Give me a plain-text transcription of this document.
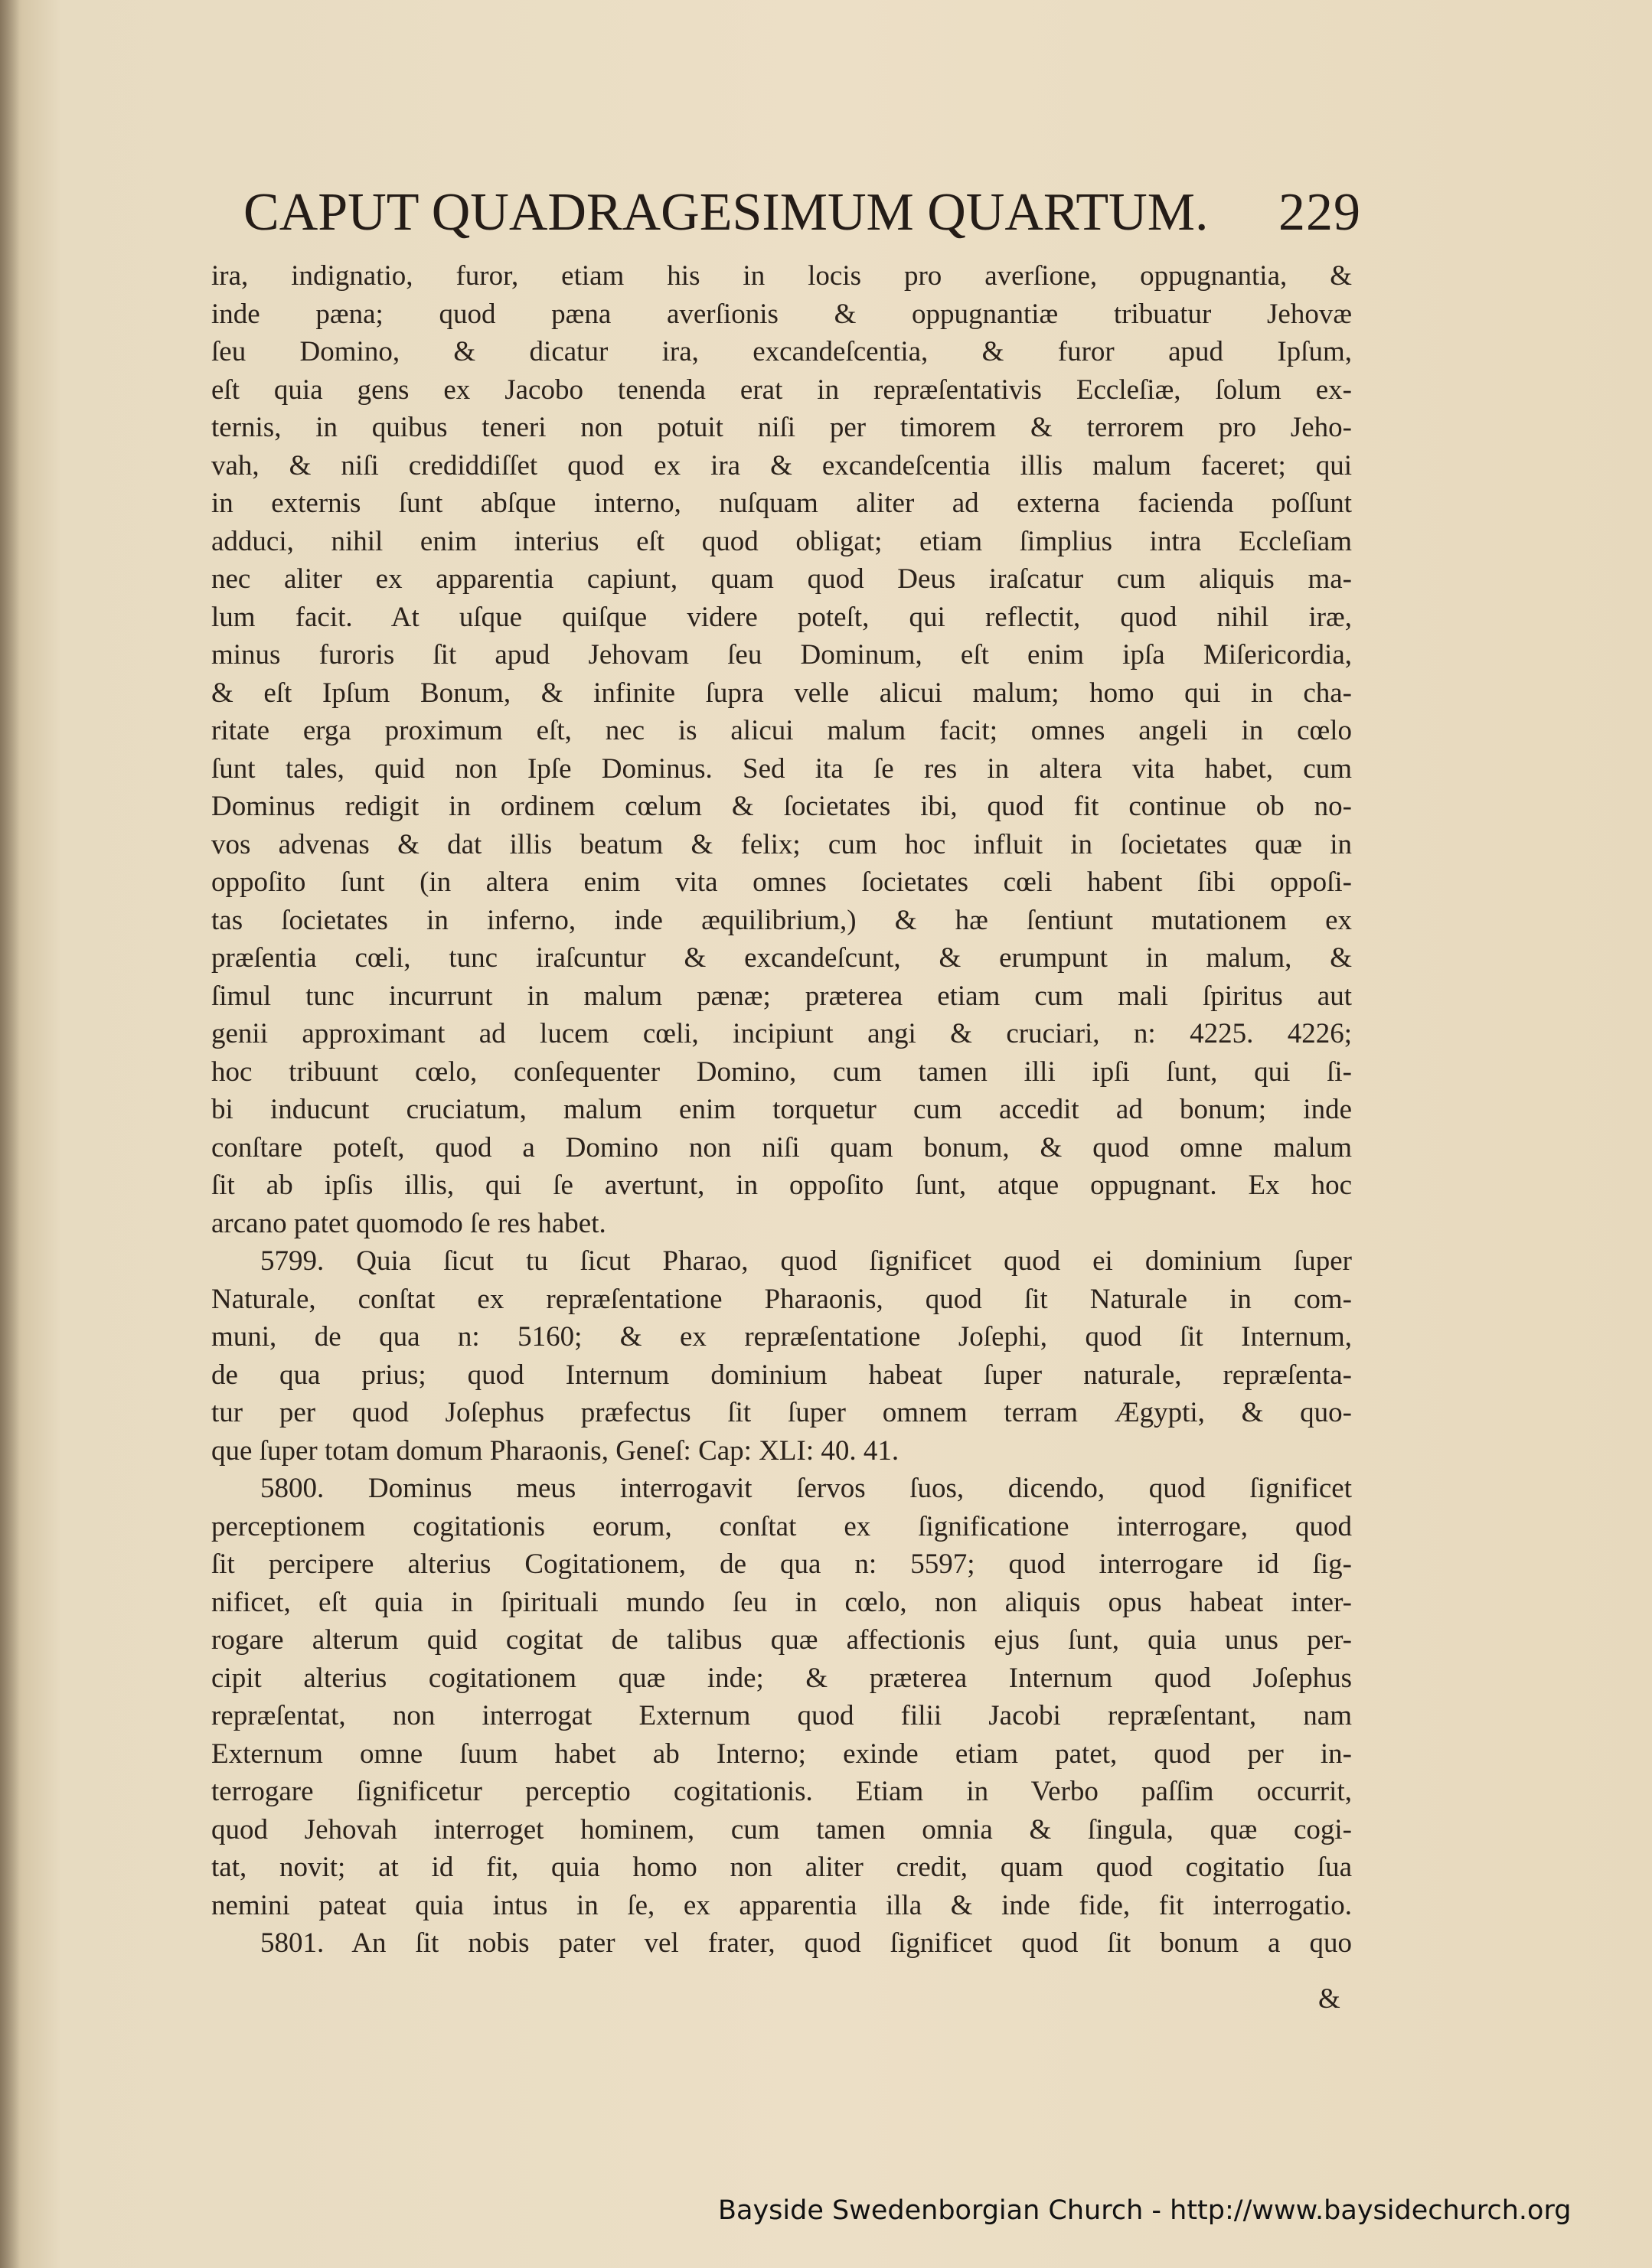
CAPUT QUADRAGESIMUM QUARTUM. 229
ira, indignatio, furor, etiam his in locis pro averſione, oppugnantia, &
inde pæna; quod pæna averſionis & oppugnantiæ tribuatur Jehovæ
ſeu Domino, & dicatur ira, excandeſcentia, & furor apud Ipſum,
eſt quia gens ex Jacobo tenenda erat in repræſentativis Eccleſiæ, ſolum ex-
ternis, in quibus teneri non potuit niſi per timorem & terrorem pro Jeho-
vah, & niſi crediddiſſet quod ex ira & excandeſcentia illis malum faceret; qui
in externis ſunt abſque interno, nuſquam aliter ad externa facienda poſſunt
adduci, nihil enim interius eſt quod obligat; etiam ſimplius intra Eccleſiam
nec aliter ex apparentia capiunt, quam quod Deus iraſcatur cum aliquis ma-
lum facit. At uſque quiſque videre poteſt, qui reflectit, quod nihil iræ,
minus furoris ſit apud Jehovam ſeu Dominum, eſt enim ipſa Miſericordia,
& eſt Ipſum Bonum, & infinite ſupra velle alicui malum; homo qui in cha-
ritate erga proximum eſt, nec is alicui malum facit; omnes angeli in cœlo
ſunt tales, quid non Ipſe Dominus. Sed ita ſe res in altera vita habet, cum
Dominus redigit in ordinem cœlum & ſocietates ibi, quod fit continue ob no-
vos advenas & dat illis beatum & felix; cum hoc influit in ſocietates quæ in
oppoſito ſunt (in altera enim vita omnes ſocietates cœli habent ſibi oppoſi-
tas ſocietates in inferno, inde æquilibrium,) & hæ ſentiunt mutationem ex
præſentia cœli, tunc iraſcuntur & excandeſcunt, & erumpunt in malum, &
ſimul tunc incurrunt in malum pænæ; præterea etiam cum mali ſpiritus aut
genii approximant ad lucem cœli, incipiunt angi & cruciari, n: 4225. 4226;
hoc tribuunt cœlo, conſequenter Domino, cum tamen illi ipſi ſunt, qui ſi-
bi inducunt cruciatum, malum enim torquetur cum accedit ad bonum; inde
conſtare poteſt, quod a Domino non niſi quam bonum, & quod omne malum
ſit ab ipſis illis, qui ſe avertunt, in oppoſito ſunt, atque oppugnant. Ex hoc
arcano patet quomodo ſe res habet.
5799. Quia ſicut tu ſicut Pharao, quod ſignificet quod ei dominium ſuper
Naturale, conſtat ex repræſentatione Pharaonis, quod ſit Naturale in com-
muni, de qua n: 5160; & ex repræſentatione Joſephi, quod ſit Internum,
de qua prius; quod Internum dominium habeat ſuper naturale, repræſenta-
tur per quod Joſephus præfectus ſit ſuper omnem terram Ægypti, & quo-
que ſuper totam domum Pharaonis, Geneſ: Cap: XLI: 40. 41.
5800. Dominus meus interrogavit ſervos ſuos, dicendo, quod ſignificet
perceptionem cogitationis eorum, conſtat ex ſignificatione interrogare, quod
ſit percipere alterius Cogitationem, de qua n: 5597; quod interrogare id ſig-
nificet, eſt quia in ſpirituali mundo ſeu in cœlo, non aliquis opus habeat inter-
rogare alterum quid cogitat de talibus quæ affectionis ejus ſunt, quia unus per-
cipit alterius cogitationem quæ inde; & præterea Internum quod Joſephus
repræſentat, non interrogat Externum quod filii Jacobi repræſentant, nam
Externum omne ſuum habet ab Interno; exinde etiam patet, quod per in-
terrogare ſignificetur perceptio cogitationis. Etiam in Verbo paſſim occurrit,
quod Jehovah interroget hominem, cum tamen omnia & ſingula, quæ cogi-
tat, novit; at id fit, quia homo non aliter credit, quam quod cogitatio ſua
nemini pateat quia intus in ſe, ex apparentia illa & inde fide, fit interrogatio.
5801. An ſit nobis pater vel frater, quod ſignificet quod ſit bonum a quo
&
Bayside Swedenborgian Church - http://www.baysidechurch.org
